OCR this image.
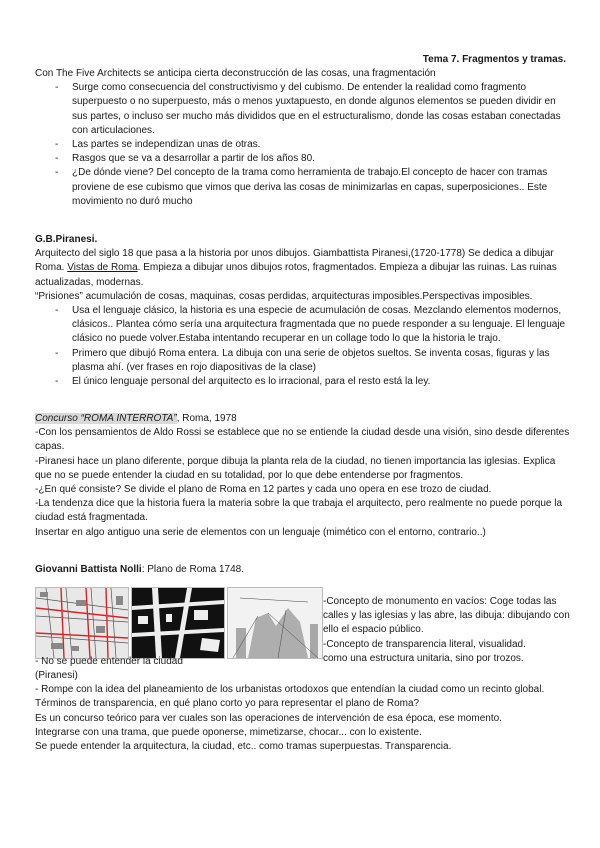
Tema 7. Fragmentos y tramas.

Con The Five Architects se anticipa cierta deconstrucción de las cosas, una fragmentación

- Surge como consecuencia del constructivismo y del cubismo. De entender la realidad como fragmento superpuesto o no superpuesto, más o menos yuxtapuesto, en donde algunos elementos se pueden dividir en sus partes, o incluso ser mucho más divididos que en el estructuralismo, donde las cosas estaban conectadas con articulaciones.
- Las partes se independizan unas de otras.
- Rasgos que se va a desarrollar a partir de los años 80.
- ¿De dónde viene? Del concepto de la trama como herramienta de trabajo.El concepto de hacer con tramas proviene de ese cubismo que vimos que deriva las cosas de minimizarlas en capas, superposiciones.. Este movimiento no duró mucho

G.B.Piranesi.

Arquitecto del siglo 18 que pasa a la historia por unos dibujos. Giambattista Piranesi,(1720-1778) Se dedica a dibujar Roma. Vistas de Roma. Empieza a dibujar unos dibujos rotos, fragmentados. Empieza a dibujar las ruinas. Las ruinas actualizadas, modernas.

“Prisiones” acumulación de cosas, maquinas, cosas perdidas, arquitecturas imposibles.Perspectivas imposibles.

- Usa el lenguaje clásico, la historia es una especie de acumulación de cosas. Mezclando elementos modernos, clásicos.. Plantea cómo sería una arquitectura fragmentada que no puede responder a su lenguaje. El lenguaje clásico no puede volver.Estaba intentando recuperar en un collage todo lo que la historia le trajo.
- Primero que dibujó Roma entera. La dibuja con una serie de objetos sueltos. Se inventa cosas, figuras y las plasma ahí. (ver frases en rojo diapositivas de la clase)
- El único lenguaje personal del arquitecto es lo irracional, para el resto está la ley.

Concurso “ROMA INTERROTA”, Roma, 1978

-Con los pensamientos de Aldo Rossi se establece que no se entiende la ciudad desde una visión, sino desde diferentes capas.

-Piranesi hace un plano diferente, porque dibuja la planta rela de la ciudad, no tienen importancia las iglesias. Explica que no se puede entender la ciudad en su totalidad, por lo que debe entenderse por fragmentos.

-¿En qué consiste? Se divide el plano de Roma en 12 partes y cada uno opera en ese trozo de ciudad.

-La tendenza dice que la historia fuera la materia sobre la que trabaja el arquitecto, pero realmente no puede porque la ciudad está fragmentada.

Insertar en algo antiguo una serie de elementos con un lenguaje (mimético con el entorno, contrario..)

Giovanni Battista Nolli: Plano de Roma 1748.

-Concepto de monumento en vacíos: Coge todas las calles y las iglesias y las abre, las dibuja: dibujando con ello el espacio público.

-Concepto de transparencia literal, visualidad.

como una estructura unitaria, sino por trozos.

- No se puede entender la ciudad

(Piranesi)

- Rompe con la idea del planeamiento de los urbanistas ortodoxos que entendían la ciudad como un recinto global.

Términos de transparencia, en qué plano corto yo para representar el plano de Roma?

Es un concurso teórico para ver cuales son las operaciones de intervención de esa época, ese momento.

Integrarse con una trama, que puede oponerse, mimetizarse, chocar... con lo existente.

Se puede entender la arquitectura, la ciudad, etc.. como tramas superpuestas. Transparencia.
